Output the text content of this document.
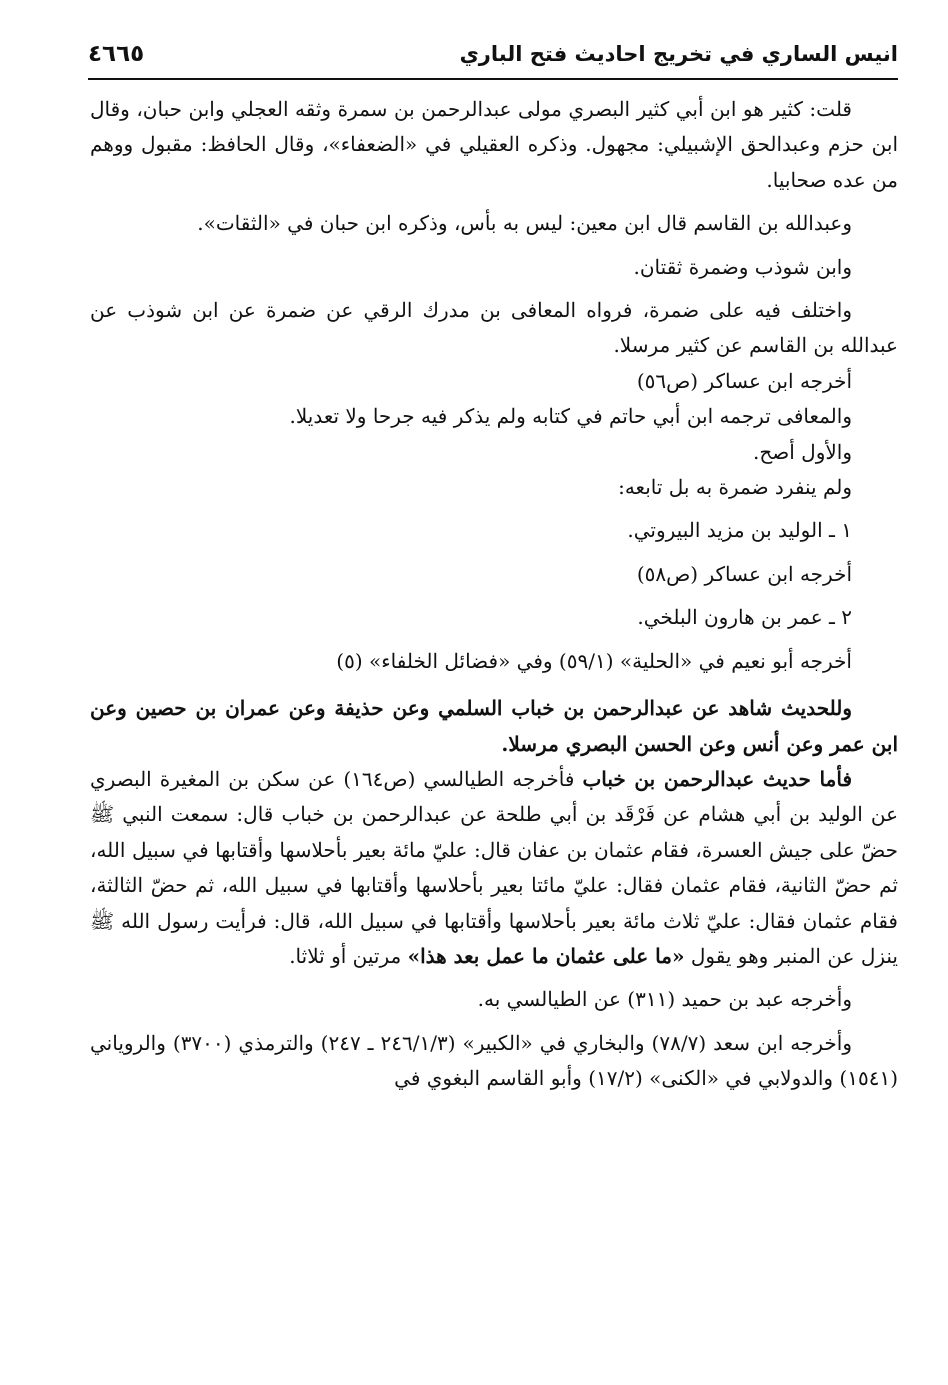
انيس الساري في تخريج احاديث فتح الباري
٤٦٦٥

قلت: كثير هو ابن أبي كثير البصري مولى عبدالرحمن بن سمرة وثقه العجلي وابن حبان، وقال ابن حزم وعبدالحق الإشبيلي: مجهول. وذكره العقيلي في «الضعفاء»، وقال الحافظ: مقبول ووهم من عده صحابيا.

وعبدالله بن القاسم قال ابن معين: ليس به بأس، وذكره ابن حبان في «الثقات».

وابن شوذب وضمرة ثقتان.

واختلف فيه على ضمرة، فرواه المعافى بن مدرك الرقي عن ضمرة عن ابن شوذب عن عبدالله بن القاسم عن كثير مرسلا.

أخرجه ابن عساكر (ص٥٦)

والمعافى ترجمه ابن أبي حاتم في كتابه ولم يذكر فيه جرحا ولا تعديلا.

والأول أصح.

ولم ينفرد ضمرة به بل تابعه:

١ ـ الوليد بن مزيد البيروتي.

أخرجه ابن عساكر (ص٥٨)

٢ ـ عمر بن هارون البلخي.

أخرجه أبو نعيم في «الحلية» (٥٩/١) وفي «فضائل الخلفاء» (٥)

وللحديث شاهد عن عبدالرحمن بن خباب السلمي وعن حذيفة وعن عمران بن حصين وعن ابن عمر وعن أنس وعن الحسن البصري مرسلا.

فأما حديث عبدالرحمن بن خباب فأخرجه الطيالسي (ص١٦٤) عن سكن بن المغيرة البصري عن الوليد بن أبي هشام عن فَرْقَد بن أبي طلحة عن عبدالرحمن بن خباب قال: سمعت النبي ﷺ حضّ على جيش العسرة، فقام عثمان بن عفان قال: عليّ مائة بعير بأحلاسها وأقتابها في سبيل الله، ثم حضّ الثانية، فقام عثمان فقال: عليّ مائتا بعير بأحلاسها وأقتابها في سبيل الله، ثم حضّ الثالثة، فقام عثمان فقال: عليّ ثلاث مائة بعير بأحلاسها وأقتابها في سبيل الله، قال: فرأيت رسول الله ﷺ ينزل عن المنبر وهو يقول «ما على عثمان ما عمل بعد هذا» مرتين أو ثلاثا.

وأخرجه عبد بن حميد (٣١١) عن الطيالسي به.

وأخرجه ابن سعد (٧٨/٧) والبخاري في «الكبير» (٢٤٦/١/٣ ـ ٢٤٧) والترمذي (٣٧٠٠) والروياني (١٥٤١) والدولابي في «الكنى» (١٧/٢) وأبو القاسم البغوي في
